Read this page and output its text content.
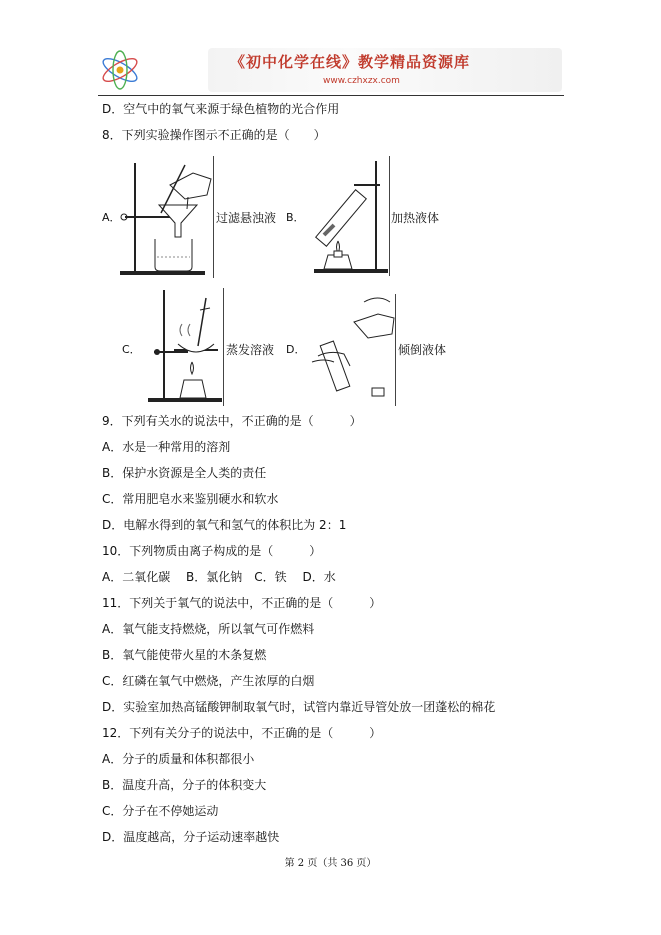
《初中化学在线》教学精品资源库
www.czhxzx.com
D．空气中的氧气来源于绿色植物的光合作用
8．下列实验操作图示不正确的是（　　）
9．下列有关水的说法中，不正确的是（　　　）
A．水是一种常用的溶剂
B．保护水资源是全人类的责任
C．常用肥皂水来鉴别硬水和软水
D．电解水得到的氧气和氢气的体积比为 2：1
10．下列物质由离子构成的是（　　　）
A．二氧化碳　 B．氯化钠　C．铁　 D．水
11．下列关于氧气的说法中，不正确的是（　　　）
A．氧气能支持燃烧，所以氧气可作燃料
B．氧气能使带火星的木条复燃
C．红磷在氧气中燃烧，产生浓厚的白烟
D．实验室加热高锰酸钾制取氧气时，试管内靠近导管处放一团蓬松的棉花
12．下列有关分子的说法中，不正确的是（　　　）
A．分子的质量和体积都很小
B．温度升高，分子的体积变大
C．分子在不停她运动
D．温度越高，分子运动速率越快
A．	过滤悬浊液 B．	加热液体
C．	蒸发溶液 D．	倾倒液体
第 2 页（共 36 页）
